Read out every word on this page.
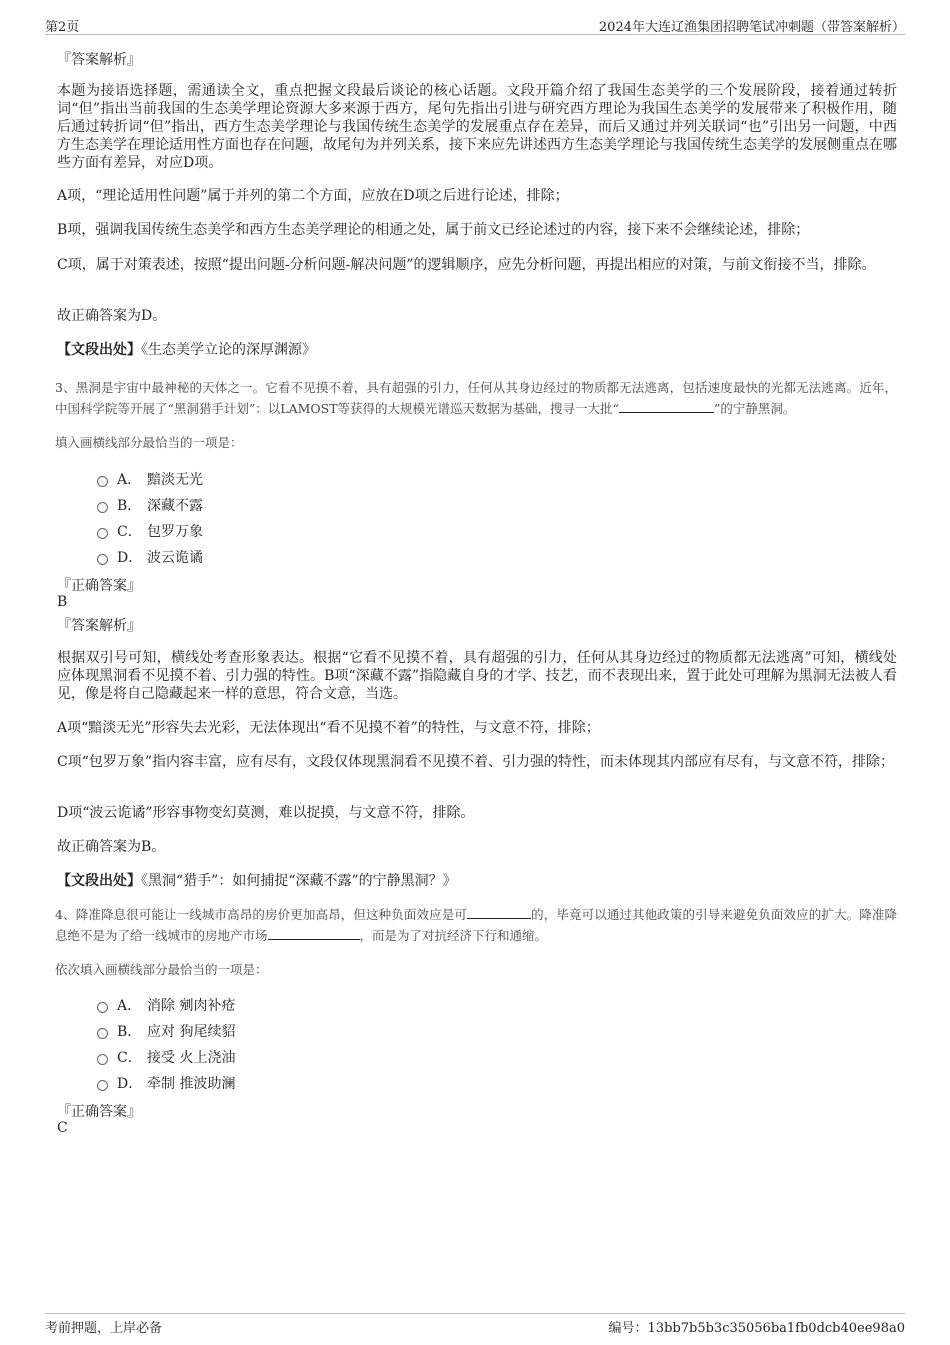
第2页	2024年大连辽渔集团招聘笔试冲刺题（带答案解析）
『答案解析』
本题为接语选择题，需通读全文，重点把握文段最后谈论的核心话题。文段开篇介绍了我国生态美学的三个发展阶段，接着通过转折词“但”指出当前我国的生态美学理论资源大多来源于西方，尾句先指出引进与研究西方理论为我国生态美学的发展带来了积极作用，随后通过转折词“但”指出，西方生态美学理论与我国传统生态美学的发展重点存在差异，而后又通过并列关联词“也”引出另一问题，中西方生态美学在理论适用性方面也存在问题，故尾句为并列关系，接下来应先讲述西方生态美学理论与我国传统生态美学的发展侧重点在哪些方面有差异，对应D项。
A项，“理论适用性问题”属于并列的第二个方面，应放在D项之后进行论述，排除；
B项，强调我国传统生态美学和西方生态美学理论的相通之处，属于前文已经论述过的内容，接下来不会继续论述，排除；
C项，属于对策表述，按照“提出问题-分析问题-解决问题”的逻辑顺序，应先分析问题，再提出相应的对策，与前文衔接不当，排除。
故正确答案为D。
【文段出处】《生态美学立论的深厚渊源》
3、黑洞是宇宙中最神秘的天体之一。它看不见摸不着，具有超强的引力，任何从其身边经过的物质都无法逃离，包括速度最快的光都无法逃离。近年，中国科学院等开展了“黑洞猎手计划”：以LAMOST等获得的大规模光谱巡天数据为基础，搜寻一大批“	”的宁静黑洞。
填入画横线部分最恰当的一项是：
A． 黯淡无光
B． 深藏不露
C． 包罗万象
D． 波云诡谲
『正确答案』
B
『答案解析』
根据双引号可知，横线处考查形象表达。根据“它看不见摸不着，具有超强的引力，任何从其身边经过的物质都无法逃离”可知，横线处应体现黑洞看不见摸不着、引力强的特性。B项“深藏不露”指隐藏自身的才学、技艺，而不表现出来，置于此处可理解为黑洞无法被人看见，像是将自己隐藏起来一样的意思，符合文意，当选。
A项“黯淡无光”形容失去光彩，无法体现出“看不见摸不着”的特性，与文意不符，排除；
C项“包罗万象”指内容丰富，应有尽有，文段仅体现黑洞看不见摸不着、引力强的特性，而未体现其内部应有尽有，与文意不符，排除；
D项“波云诡谲”形容事物变幻莫测，难以捉摸，与文意不符，排除。
故正确答案为B。
【文段出处】《黑洞“猎手”：如何捕捉“深藏不露”的宁静黑洞？》
4、降准降息很可能让一线城市高昂的房价更加高昂，但这种负面效应是可	的，毕竟可以通过其他政策的引导来避免负面效应的扩大。降准降息绝不是为了给一线城市的房地产市场	，而是为了对抗经济下行和通缩。
依次填入画横线部分最恰当的一项是：
A． 消除 剜肉补疮
B． 应对 狗尾续貂
C． 接受 火上浇油
D． 牵制 推波助澜
『正确答案』
C
考前押题，上岸必备	编号：13bb7b5b3c35056ba1fb0dcb40ee98a0
